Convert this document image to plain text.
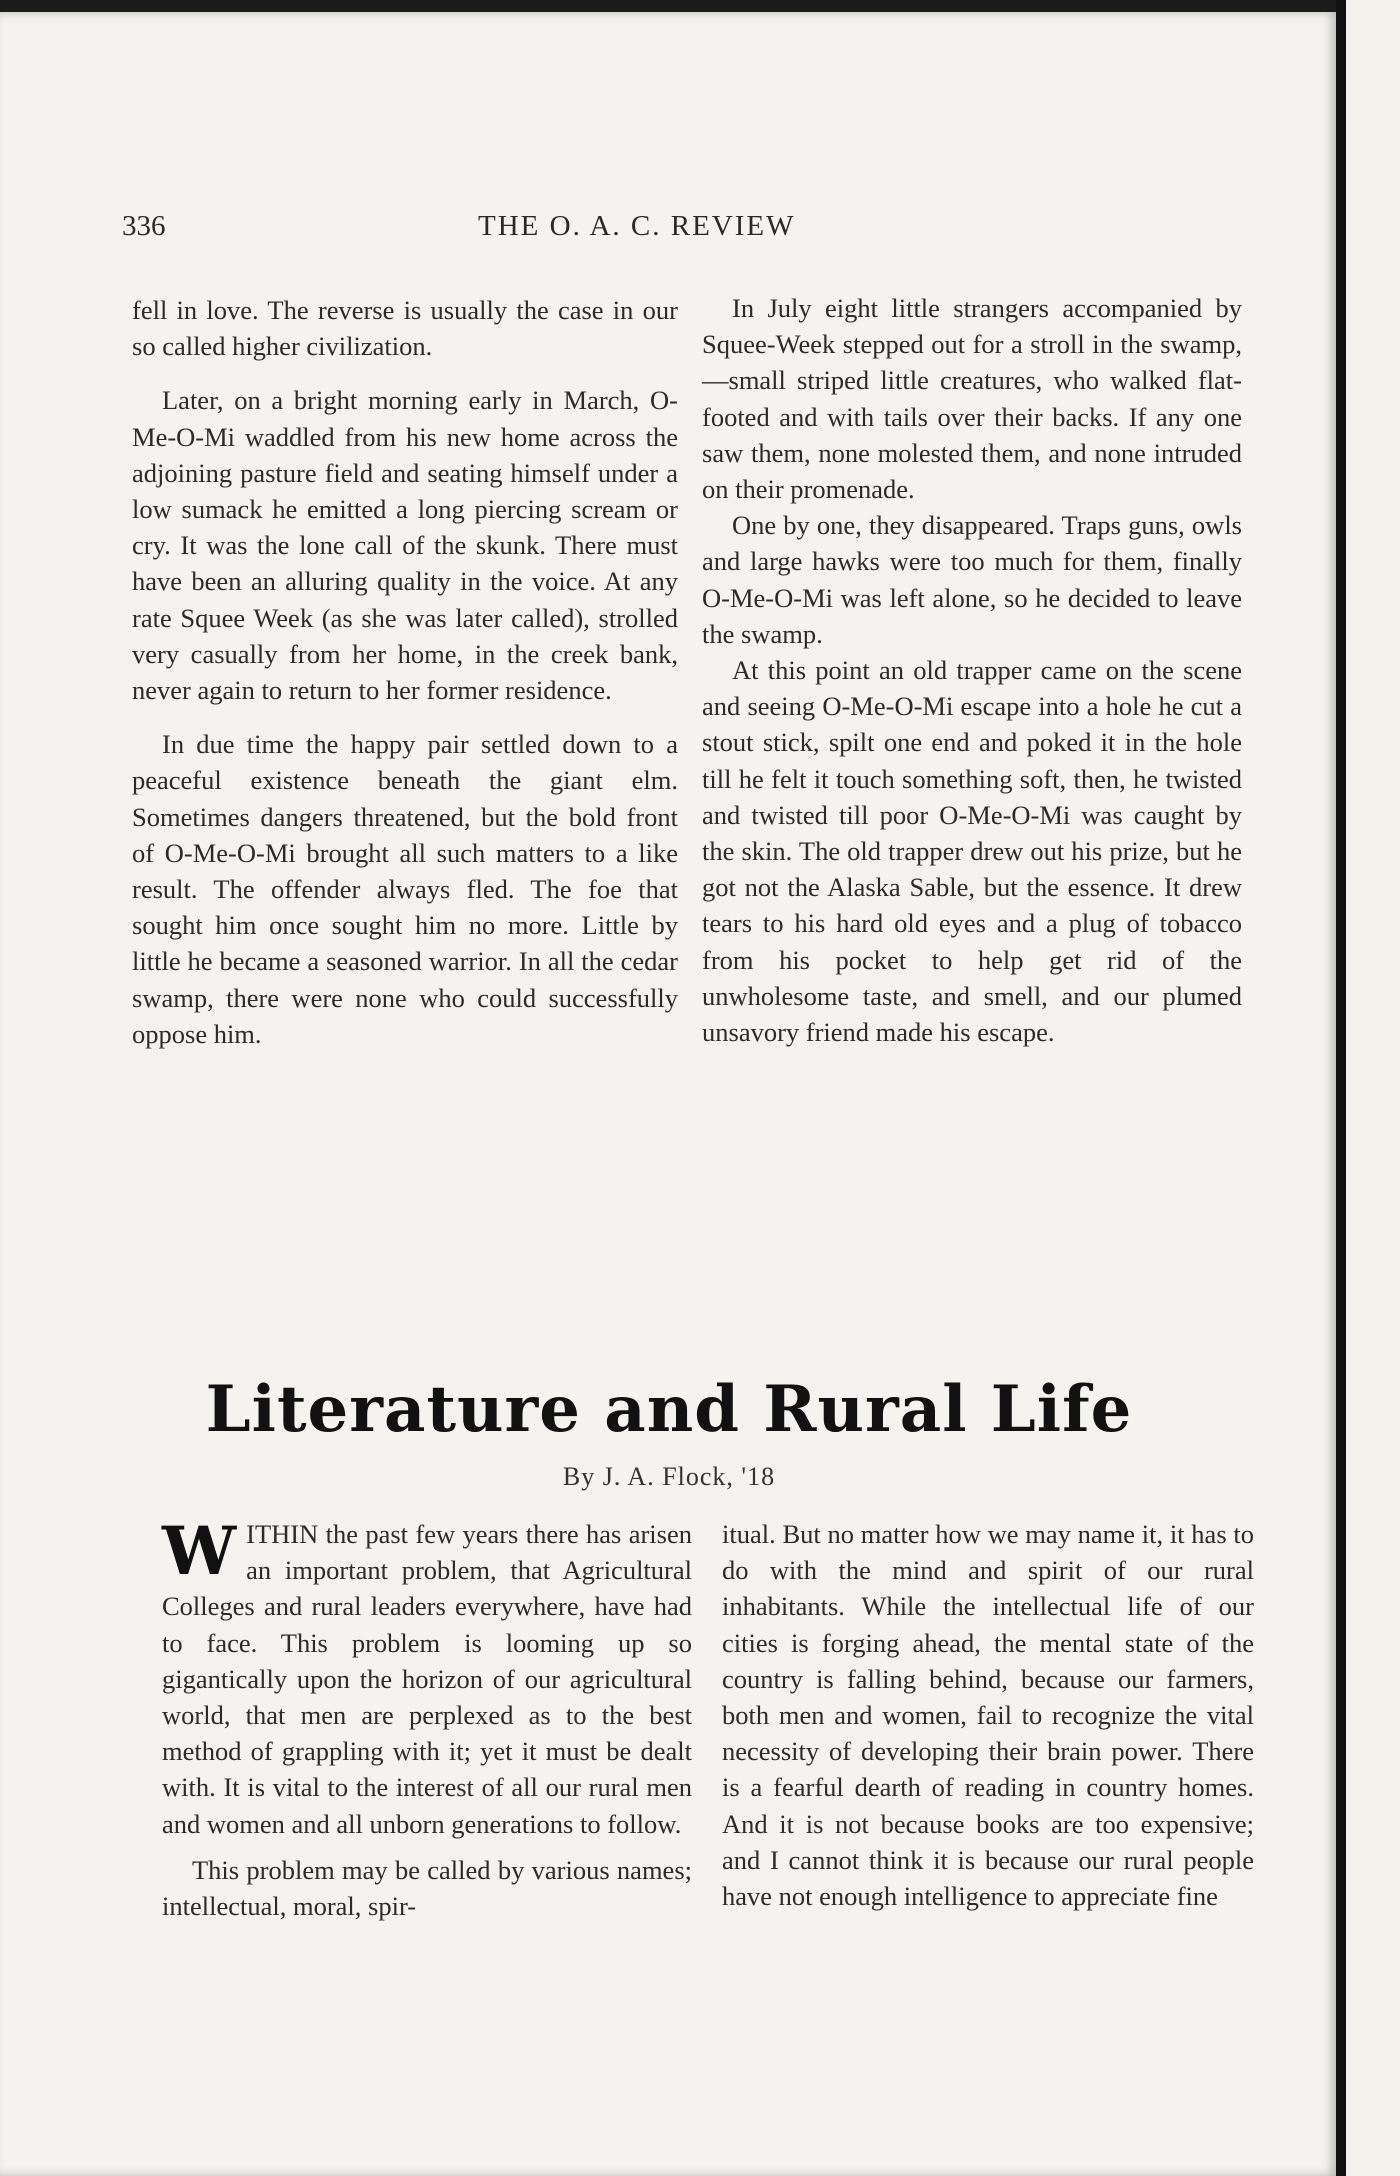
336	THE O. A. C. REVIEW

fell in love. The reverse is usually the case in our so called higher civilization.

Later, on a bright morning early in March, O-Me-O-Mi waddled from his new home across the adjoining pasture field and seating himself under a low sumack he emitted a long piercing scream or cry. It was the lone call of the skunk. There must have been an alluring quality in the voice. At any rate Squee Week (as she was later called), strolled very casually from her home, in the creek bank, never again to return to her former residence.

In due time the happy pair settled down to a peaceful existence beneath the giant elm. Sometimes dangers threatened, but the bold front of O-Me-O-Mi brought all such matters to a like result. The offender always fled. The foe that sought him once sought him no more. Little by little he became a seasoned warrior. In all the cedar swamp, there were none who could successfully oppose him.

In July eight little strangers accompanied by Squee-Week stepped out for a stroll in the swamp,—small striped little creatures, who walked flat-footed and with tails over their backs. If any one saw them, none molested them, and none intruded on their promenade.

One by one, they disappeared. Traps guns, owls and large hawks were too much for them, finally O-Me-O-Mi was left alone, so he decided to leave the swamp.

At this point an old trapper came on the scene and seeing O-Me-O-Mi escape into a hole he cut a stout stick, spilt one end and poked it in the hole till he felt it touch something soft, then, he twisted and twisted till poor O-Me-O-Mi was caught by the skin. The old trapper drew out his prize, but he got not the Alaska Sable, but the essence. It drew tears to his hard old eyes and a plug of tobacco from his pocket to help get rid of the unwholesome taste, and smell, and our plumed unsavory friend made his escape.

Literature and Rural Life
By J. A. Flock, '18

WITHIN the past few years there has arisen an important problem, that Agricultural Colleges and rural leaders everywhere, have had to face. This problem is looming up so gigantically upon the horizon of our agricultural world, that men are perplexed as to the best method of grappling with it; yet it must be dealt with. It is vital to the interest of all our rural men and women and all unborn generations to follow.

This problem may be called by various names; intellectual, moral, spir-

itual. But no matter how we may name it, it has to do with the mind and spirit of our rural inhabitants. While the intellectual life of our cities is forging ahead, the mental state of the country is falling behind, because our farmers, both men and women, fail to recognize the vital necessity of developing their brain power. There is a fearful dearth of reading in country homes. And it is not because books are too expensive; and I cannot think it is because our rural people have not enough intelligence to appreciate fine
